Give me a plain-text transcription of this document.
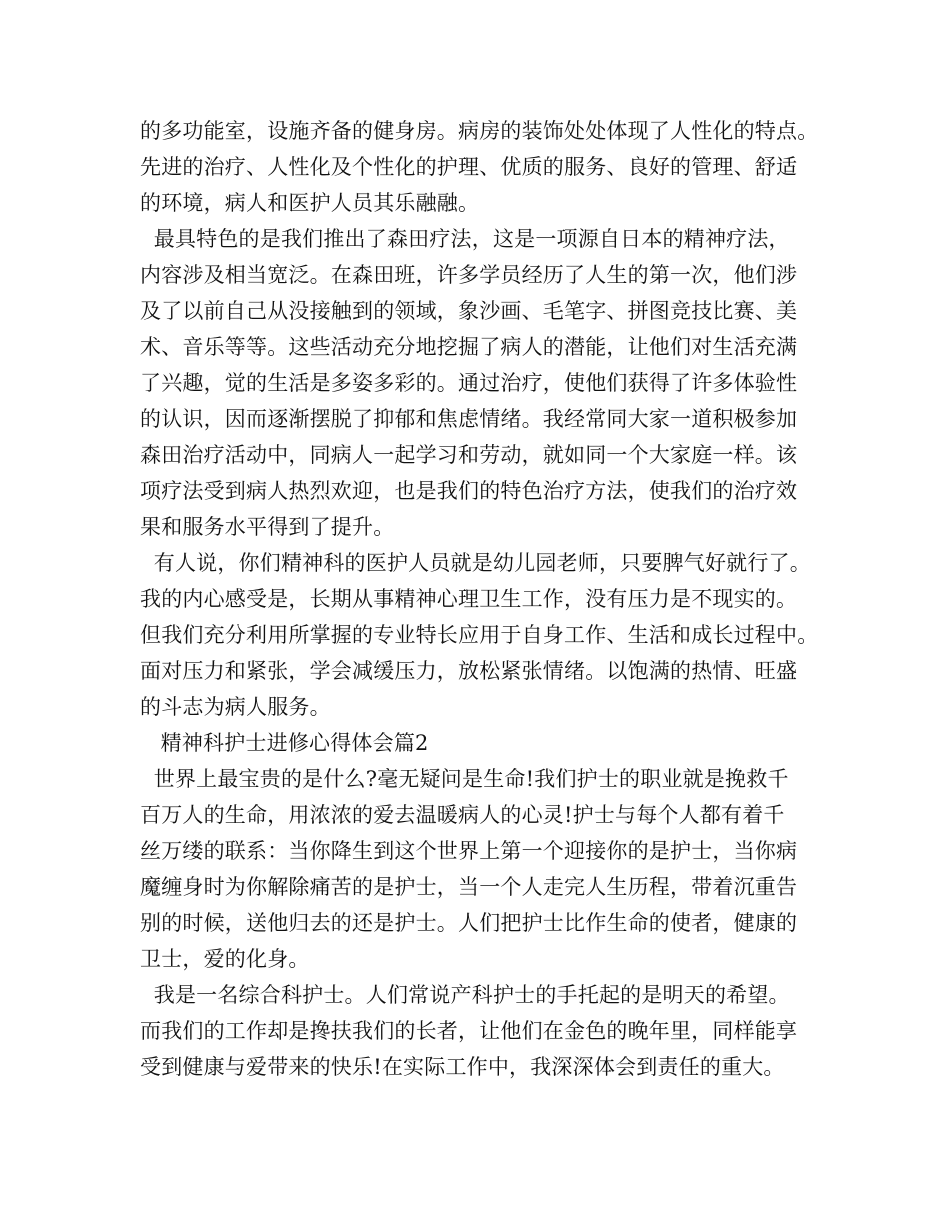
的多功能室，设施齐备的健身房。病房的装饰处处体现了人性化的特点。
先进的治疗、人性化及个性化的护理、优质的服务、良好的管理、舒适
的环境，病人和医护人员其乐融融。
最具特色的是我们推出了森田疗法，这是一项源自日本的精神疗法，
内容涉及相当宽泛。在森田班，许多学员经历了人生的第一次，他们涉
及了以前自己从没接触到的领域，象沙画、毛笔字、拼图竞技比赛、美
术、音乐等等。这些活动充分地挖掘了病人的潜能，让他们对生活充满
了兴趣，觉的生活是多姿多彩的。通过治疗，使他们获得了许多体验性
的认识，因而逐渐摆脱了抑郁和焦虑情绪。我经常同大家一道积极参加
森田治疗活动中，同病人一起学习和劳动，就如同一个大家庭一样。该
项疗法受到病人热烈欢迎，也是我们的特色治疗方法，使我们的治疗效
果和服务水平得到了提升。
有人说，你们精神科的医护人员就是幼儿园老师，只要脾气好就行了。
我的内心感受是，长期从事精神心理卫生工作，没有压力是不现实的。
但我们充分利用所掌握的专业特长应用于自身工作、生活和成长过程中。
面对压力和紧张，学会减缓压力，放松紧张情绪。以饱满的热情、旺盛
的斗志为病人服务。
精神科护士进修心得体会篇2
世界上最宝贵的是什么?毫无疑问是生命!我们护士的职业就是挽救千
百万人的生命，用浓浓的爱去温暖病人的心灵!护士与每个人都有着千
丝万缕的联系：当你降生到这个世界上第一个迎接你的是护士，当你病
魔缠身时为你解除痛苦的是护士，当一个人走完人生历程，带着沉重告
别的时候，送他归去的还是护士。人们把护士比作生命的使者，健康的
卫士，爱的化身。
我是一名综合科护士。人们常说产科护士的手托起的是明天的希望。
而我们的工作却是搀扶我们的长者，让他们在金色的晚年里，同样能享
受到健康与爱带来的快乐!在实际工作中，我深深体会到责任的重大。
